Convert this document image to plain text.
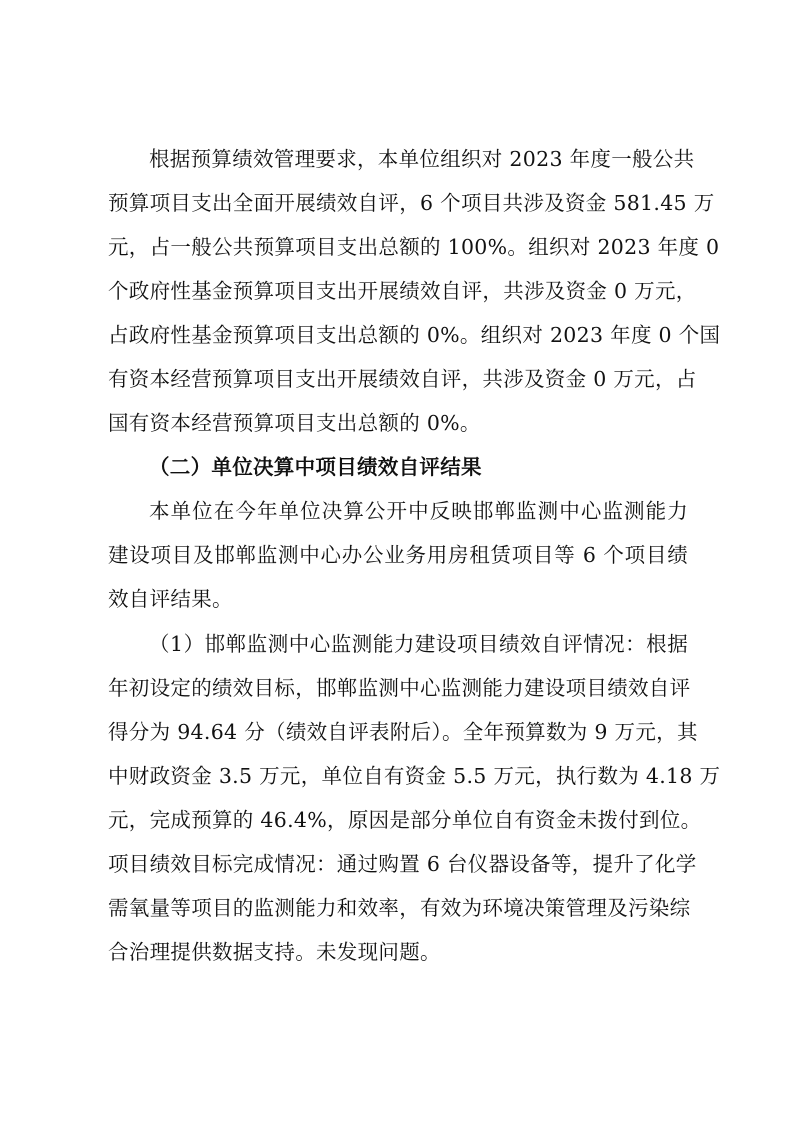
根据预算绩效管理要求，本单位组织对 2023 年度一般公共
预算项目支出全面开展绩效自评，6 个项目共涉及资金 581.45 万
元，占一般公共预算项目支出总额的 100%。组织对 2023 年度 0
个政府性基金预算项目支出开展绩效自评，共涉及资金 0 万元，
占政府性基金预算项目支出总额的 0%。组织对 2023 年度 0 个国
有资本经营预算项目支出开展绩效自评，共涉及资金 0 万元，占
国有资本经营预算项目支出总额的 0%。
（二）单位决算中项目绩效自评结果
本单位在今年单位决算公开中反映邯郸监测中心监测能力
建设项目及邯郸监测中心办公业务用房租赁项目等 6 个项目绩
效自评结果。
（1）邯郸监测中心监测能力建设项目绩效自评情况：根据
年初设定的绩效目标，邯郸监测中心监测能力建设项目绩效自评
得分为 94.64 分（绩效自评表附后）。全年预算数为 9 万元，其
中财政资金 3.5 万元，单位自有资金 5.5 万元，执行数为 4.18 万
元，完成预算的 46.4%，原因是部分单位自有资金未拨付到位。
项目绩效目标完成情况：通过购置 6 台仪器设备等，提升了化学
需氧量等项目的监测能力和效率，有效为环境决策管理及污染综
合治理提供数据支持。未发现问题。
